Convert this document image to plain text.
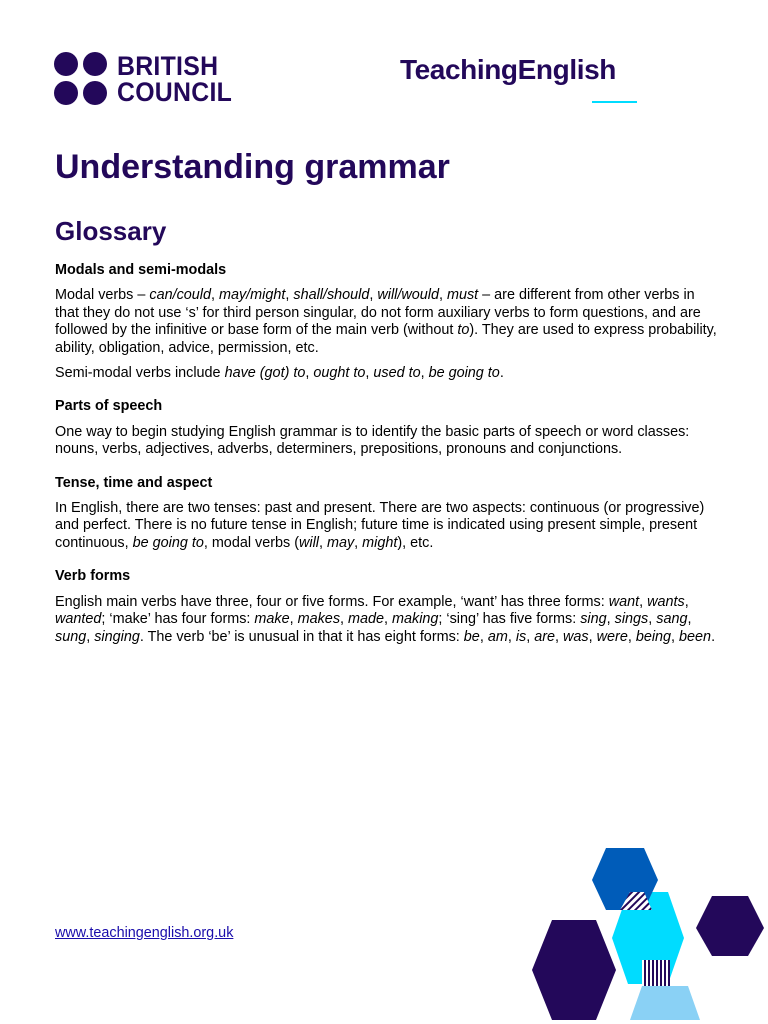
BRITISH
COUNCIL
TeachingEnglish
Understanding grammar
Glossary
Modals and semi-modals

Modal verbs – can/could, may/might, shall/should, will/would, must – are different from other verbs in that they do not use ‘s’ for third person singular, do not form auxiliary verbs to form questions, and are followed by the infinitive or base form of the main verb (without to). They are used to express probability, ability, obligation, advice, permission, etc.

Semi-modal verbs include have (got) to, ought to, used to, be going to.

Parts of speech

One way to begin studying English grammar is to identify the basic parts of speech or word classes: nouns, verbs, adjectives, adverbs, determiners, prepositions, pronouns and conjunctions.

Tense, time and aspect

In English, there are two tenses: past and present. There are two aspects: continuous (or progressive) and perfect. There is no future tense in English; future time is indicated using present simple, present continuous, be going to, modal verbs (will, may, might), etc.

Verb forms

English main verbs have three, four or five forms. For example, ‘want’ has three forms: want, wants, wanted; ‘make’ has four forms: make, makes, made, making; ‘sing’ has five forms: sing, sings, sang, sung, singing. The verb ‘be’ is unusual in that it has eight forms: be, am, is, are, was, were, being, been.

www.teachingenglish.org.uk
